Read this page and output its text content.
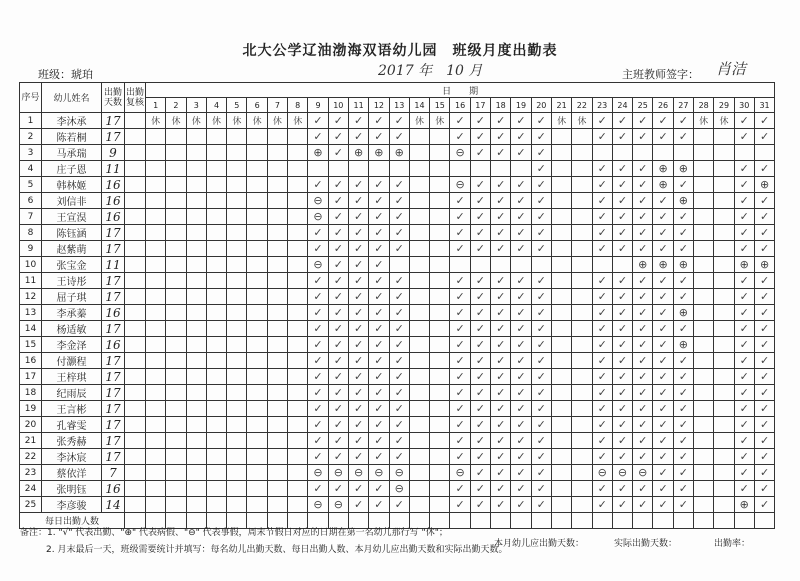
北大公学辽油渤海双语幼儿园　班级月度出勤表
班级：琥珀	2017 年　10 月	主班教师签字： 肖洁
序号	幼儿姓名	出勤天数	出勤复核	日　　期																														
				1	2	3	4	5	6	7	8	9	10	11	12	13	14	15	16	17	18	19	20	21	22	23	24	25	26	27	28	29	30	31
1	李沐承	17		休	休	休	休	休	休	休	休	✓	✓	✓	✓	✓	休	休	✓	✓	✓	✓	✓	休	休	✓	✓	✓	✓	✓	休	休	✓	✓
2	陈若桐	17										✓	✓	✓	✓	✓			✓	✓	✓	✓	✓			✓	✓	✓	✓	✓			✓	✓
3	马承瑞	9										⊕	✓	⊕	⊕	⊕			⊖	✓	✓	✓	✓											
4	庄子恩	11																					✓			✓	✓	✓	⊕	⊕			✓	✓
5	韩林姬	16										✓	✓	✓	✓	✓			⊖	✓	✓	✓	✓			✓	✓	✓	⊕	✓			✓	⊕
6	刘信非	16										⊖	✓	✓	✓	✓			✓	✓	✓	✓	✓			✓	✓	✓	✓	⊕			✓	✓
7	王宣淏	16										⊖	✓	✓	✓	✓			✓	✓	✓	✓	✓			✓	✓	✓	✓	✓			✓	✓
8	陈钰涵	17										✓	✓	✓	✓	✓			✓	✓	✓	✓	✓			✓	✓	✓	✓	✓			✓	✓
9	赵紫萌	17										✓	✓	✓	✓	✓			✓	✓	✓	✓	✓			✓	✓	✓	✓	✓			✓	✓
10	张宝金	11										⊖	✓	✓	✓													⊕	⊕	⊕			⊕	⊕
11	王诗彤	17										✓	✓	✓	✓	✓			✓	✓	✓	✓	✓			✓	✓	✓	✓	✓			✓	✓
12	屈子琪	17										✓	✓	✓	✓	✓			✓	✓	✓	✓	✓			✓	✓	✓	✓	✓			✓	✓
13	李承蓁	16										✓	✓	✓	✓	✓			✓	✓	✓	✓	✓			✓	✓	✓	✓	⊕			✓	✓
14	杨适敏	17										✓	✓	✓	✓	✓			✓	✓	✓	✓	✓			✓	✓	✓	✓	✓			✓	✓
15	李金泽	16										✓	✓	✓	✓	✓			✓	✓	✓	✓	✓			✓	✓	✓	✓	⊕			✓	✓
16	付灏程	17										✓	✓	✓	✓	✓			✓	✓	✓	✓	✓			✓	✓	✓	✓	✓			✓	✓
17	王梓琪	17										✓	✓	✓	✓	✓			✓	✓	✓	✓	✓			✓	✓	✓	✓	✓			✓	✓
18	纪雨辰	17										✓	✓	✓	✓	✓			✓	✓	✓	✓	✓			✓	✓	✓	✓	✓			✓	✓
19	王言彬	17										✓	✓	✓	✓	✓			✓	✓	✓	✓	✓			✓	✓	✓	✓	✓			✓	✓
20	孔睿雯	17										✓	✓	✓	✓	✓			✓	✓	✓	✓	✓			✓	✓	✓	✓	✓			✓	✓
21	张秀赫	17										✓	✓	✓	✓	✓			✓	✓	✓	✓	✓			✓	✓	✓	✓	✓			✓	✓
22	李沐宸	17										✓	✓	✓	✓	✓			✓	✓	✓	✓	✓			✓	✓	✓	✓	✓			✓	✓
23	蔡依洋	7										⊖	⊖	⊖	⊖	⊖			⊖	✓	✓	✓	✓			⊖	⊖	⊖	✓	✓			✓	✓
24	张明钰	16										✓	✓	✓	✓	⊖			✓	✓	✓	✓	✓			✓	✓	✓	✓	✓			✓	✓
25	李彦骏	14										⊖	⊖	✓	✓	✓			✓	✓	✓	✓	✓			✓	✓	✓	✓	✓			⊕	✓
每日出勤人数																																		
备注：1. "√" 代表出勤、"⊕" 代表病假、"⊖" 代表事假，周末节假日对应的日期在第一名幼儿那行写 "休"；
2. 月末最后一天，班级需要统计并填写：每名幼儿出勤天数、每日出勤人数、本月幼儿应出勤天数和实际出勤天数。
本月幼儿应出勤天数：	实际出勤天数：	出勤率：
